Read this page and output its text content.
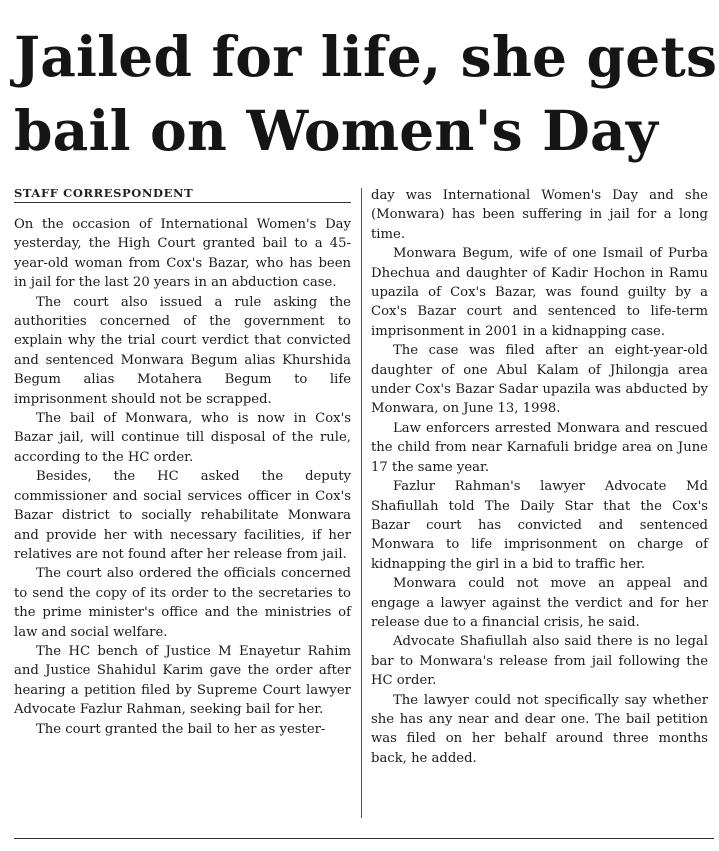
Jailed for life, she gets
bail on Women's Day
STAFF CORRESPONDENT

On the occasion of International Women's Day yesterday, the High Court granted bail to a 45-year-old woman from Cox's Bazar, who has been in jail for the last 20 years in an abduction case.

The court also issued a rule asking the authorities concerned of the government to explain why the trial court verdict that convicted and sentenced Monwara Begum alias Khurshida Begum alias Motahera Begum to life imprisonment should not be scrapped.

The bail of Monwara, who is now in Cox's Bazar jail, will continue till disposal of the rule, according to the HC order.

Besides, the HC asked the deputy commissioner and social services officer in Cox's Bazar district to socially rehabilitate Monwara and provide her with necessary facilities, if her relatives are not found after her release from jail.

The court also ordered the officials concerned to send the copy of its order to the secretaries to the prime minister's office and the ministries of law and social welfare.

The HC bench of Justice M Enayetur Rahim and Justice Shahidul Karim gave the order after hearing a petition filed by Supreme Court lawyer Advocate Fazlur Rahman, seeking bail for her.

The court granted the bail to her as yester-

day was International Women's Day and she (Monwara) has been suffering in jail for a long time.

Monwara Begum, wife of one Ismail of Purba Dhechua and daughter of Kadir Hochon in Ramu upazila of Cox's Bazar, was found guilty by a Cox's Bazar court and sentenced to life-term imprisonment in 2001 in a kidnapping case.

The case was filed after an eight-year-old daughter of one Abul Kalam of Jhilongja area under Cox's Bazar Sadar upazila was abducted by Monwara, on June 13, 1998.

Law enforcers arrested Monwara and rescued the child from near Karnafuli bridge area on June 17 the same year.

Fazlur Rahman's lawyer Advocate Md Shafiullah told The Daily Star that the Cox's Bazar court has convicted and sentenced Monwara to life imprisonment on charge of kidnapping the girl in a bid to traffic her.

Monwara could not move an appeal and engage a lawyer against the verdict and for her release due to a financial crisis, he said.

Advocate Shafiullah also said there is no legal bar to Monwara's release from jail following the HC order.

The lawyer could not specifically say whether she has any near and dear one. The bail petition was filed on her behalf around three months back, he added.
